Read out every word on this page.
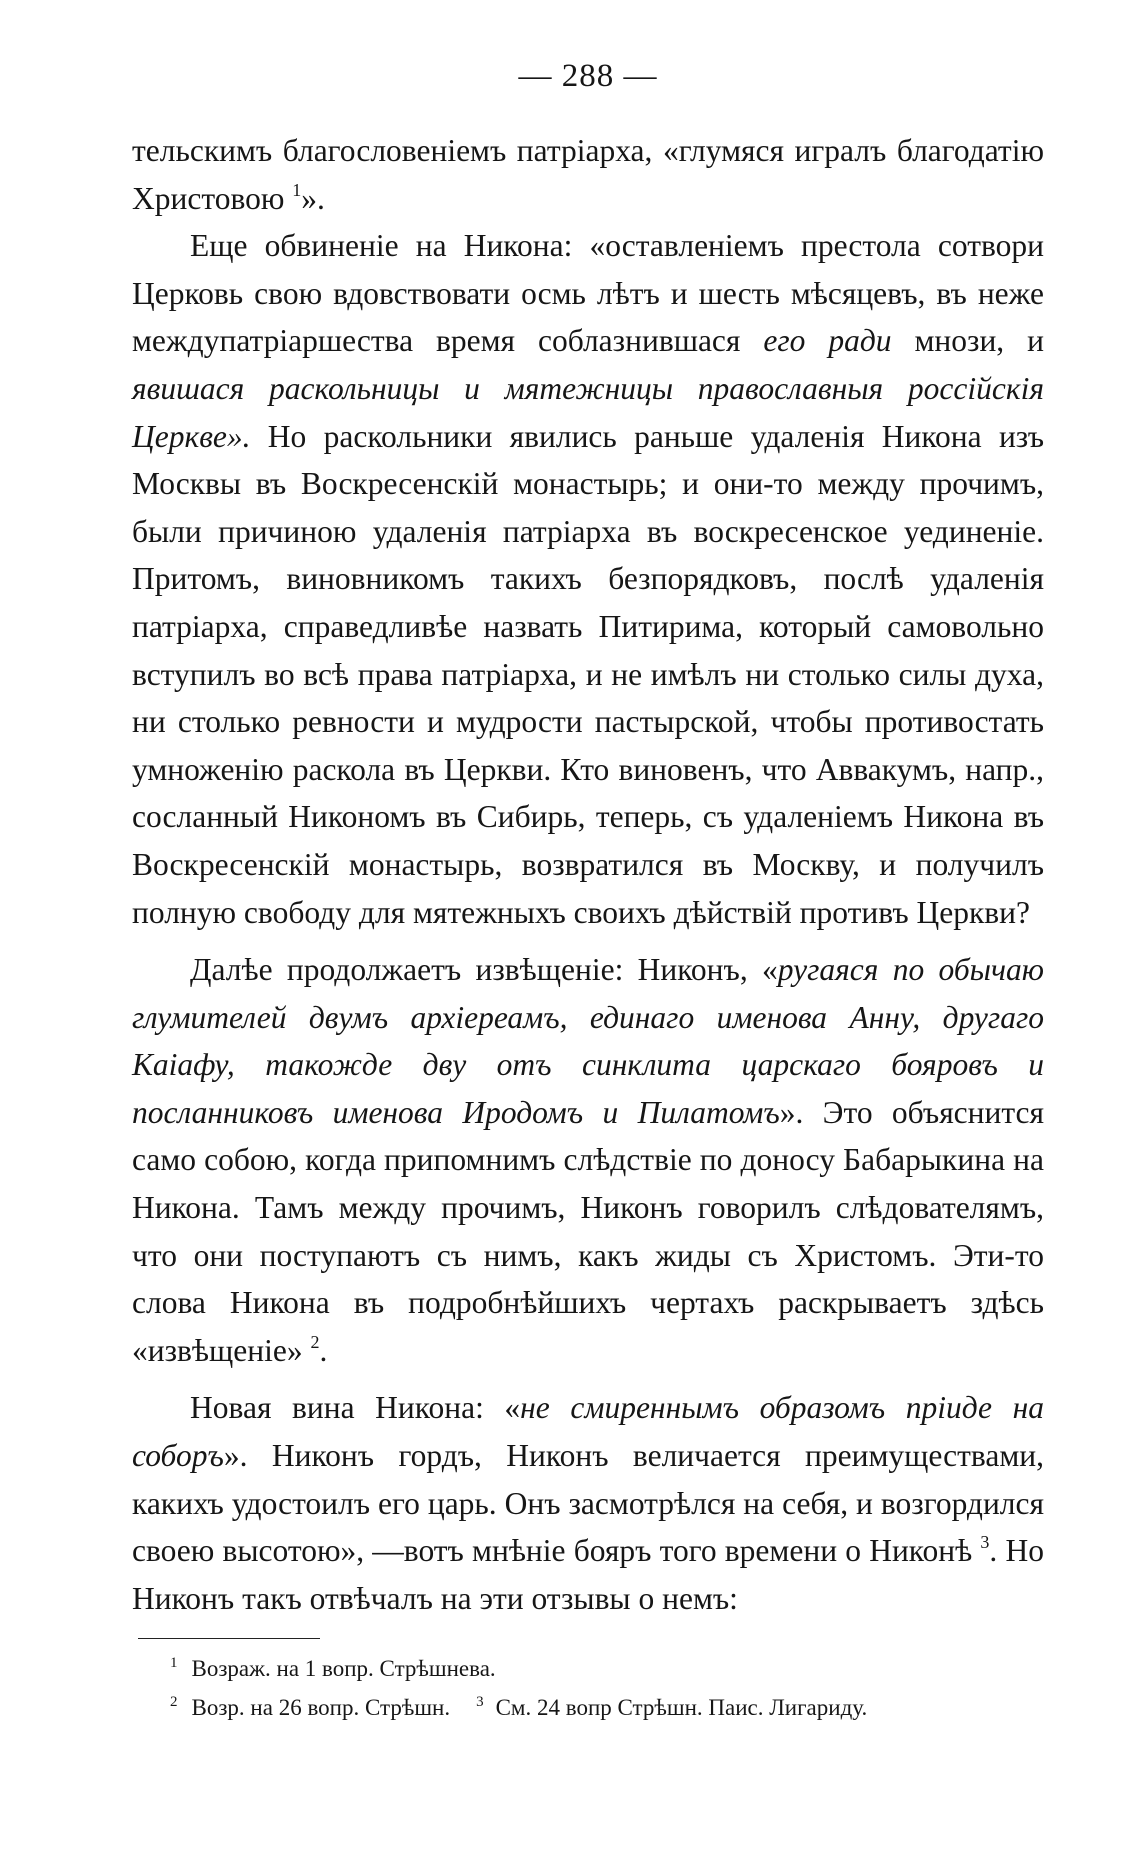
— 288 —

тельскимъ благословеніемъ патріарха, «глумяся игралъ благодатію Христовою $^1$».

Еще обвиненіе на Никона: «оставленіемъ престола сотвори Церковь свою вдовствовати осмь лѣтъ и шесть мѣсяцевъ, въ неже междупатріаршества время соблазнившася его ради мнози, и явишася раскольницы и мятежницы православныя россійскія Церкве». Но раскольники явились раньше удаленія Никона изъ Москвы въ Воскресенскій монастырь; и они-то между прочимъ, были причиною удаленія патріарха въ воскресенское уединеніе. Притомъ, виновникомъ такихъ безпорядковъ, послѣ удаленія патріарха, справедливѣе назвать Питирима, который самовольно вступилъ во всѣ права патріарха, и не имѣлъ ни столько силы духа, ни столько ревности и мудрости пастырской, чтобы противостать умноженію раскола въ Церкви. Кто виновенъ, что Аввакумъ, напр., сосланный Никономъ въ Сибирь, теперь, съ удаленіемъ Никона въ Воскресенскій монастырь, возвратился въ Москву, и получилъ полную свободу для мятежныхъ своихъ дѣйствій противъ Церкви?

Далѣе продолжаетъ извѣщеніе: Никонъ, «ругаяся по обычаю глумителей двумъ архіереамъ, единаго именова Анну, другаго Каіафу, такожде дву отъ синклита царскаго бояровъ и посланниковъ именова Иродомъ и Пилатомъ». Это объяснится само собою, когда припомнимъ слѣдствіе по доносу Бабарыкина на Никона. Тамъ между прочимъ, Никонъ говорилъ слѣдователямъ, что они поступаютъ съ нимъ, какъ жиды съ Христомъ. Эти-то слова Никона въ подробнѣйшихъ чертахъ раскрываетъ здѣсь «извѣщеніе» $^2$.

Новая вина Никона: «не смиреннымъ образомъ пріиде на соборъ». Никонъ гордъ, Никонъ величается преимуществами, какихъ удостоилъ его царь. Онъ засмотрѣлся на себя, и возгордился своею высотою», —вотъ мнѣніе бояръ того времени о Никонѣ $^3$. Но Никонъ такъ отвѣчалъ на эти отзывы о немъ:

$^1$ Возраж. на 1 вопр. Стрѣшнева.

$^2$ Возр. на 26 вопр. Стрѣшн. $^3$ См. 24 вопр Стрѣшн. Паис. Лигариду.
